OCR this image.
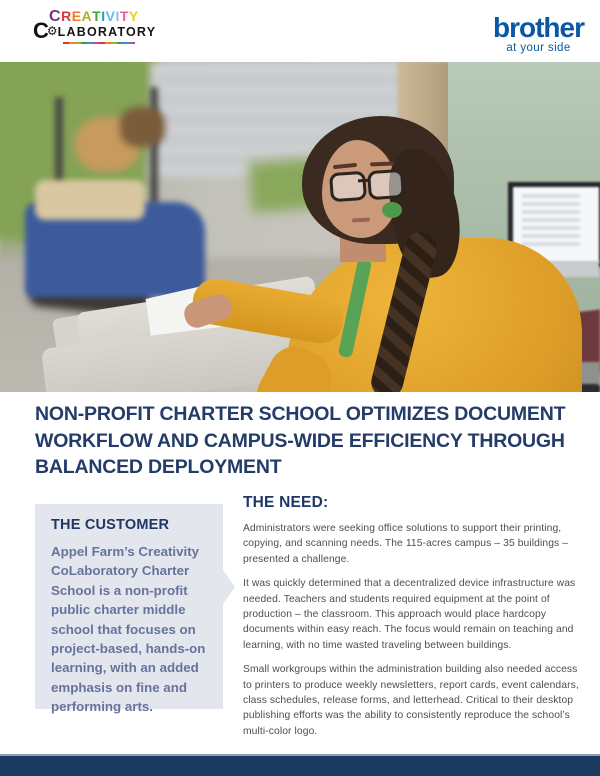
CREATIVITY
C
⚙ LABORATORY	brother
at your side
NON-PROFIT CHARTER SCHOOL OPTIMIZES DOCUMENT WORKFLOW AND CAMPUS-WIDE EFFICIENCY THROUGH BALANCED DEPLOYMENT
THE CUSTOMER

Appel Farm’s Creativity CoLaboratory Charter School is a non-profit public charter middle school that focuses on project-based, hands-on learning, with an added emphasis on fine and performing arts.

THE NEED:

Administrators were seeking office solutions to support their printing, copying, and scanning needs. The 115-acres campus – 35 buildings – presented a challenge.

It was quickly determined that a decentralized device infrastructure was needed. Teachers and students required equipment at the point of production – the classroom. This approach would place hardcopy documents within easy reach. The focus would remain on teaching and learning, with no time wasted traveling between buildings.

Small workgroups within the administration building also needed access to printers to produce weekly newsletters, report cards, event calendars, class schedules, release forms, and letterhead. Critical to their desktop publishing efforts was the ability to consistently reproduce the school’s multi-color logo.
